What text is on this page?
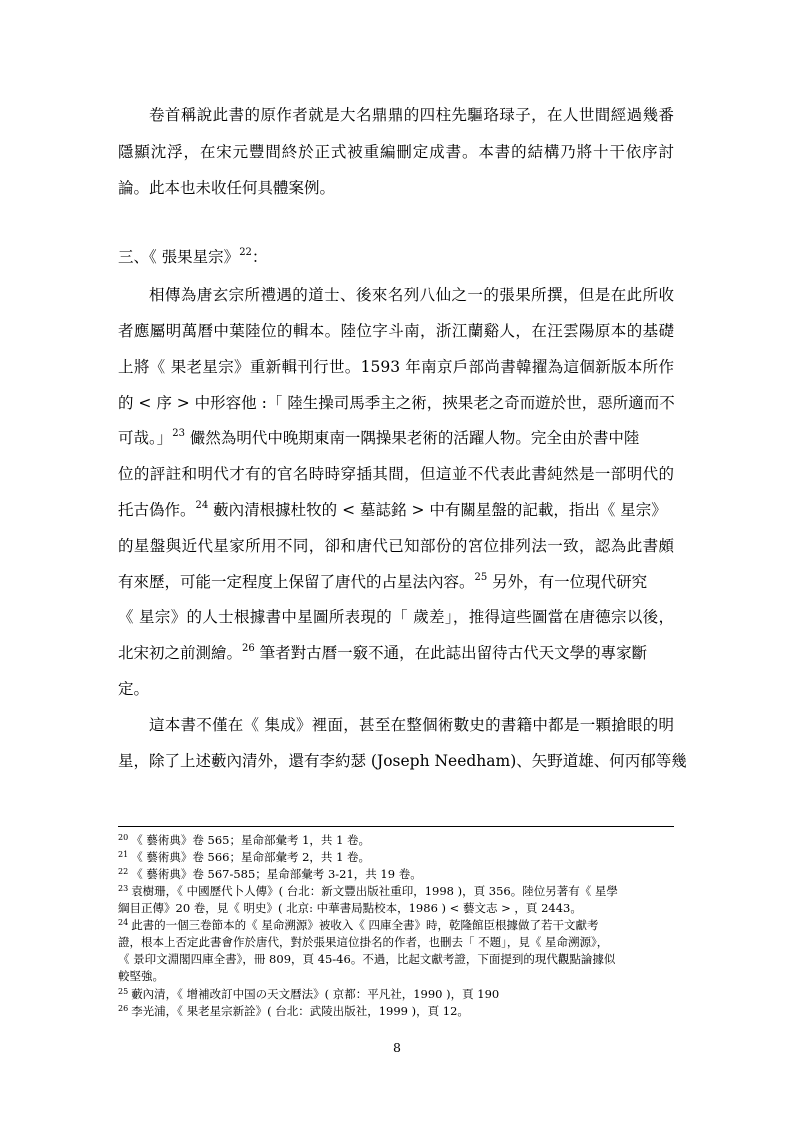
卷首稱說此書的原作者就是大名鼎鼎的四柱先驅珞琭子，在人世間經過幾番
隱顯沈浮，在宋元豐間終於正式被重編刪定成書。本書的結構乃將十干依序討
論。此本也未收任何具體案例。
三、《 張果星宗》$^{22}$：
相傳為唐玄宗所禮遇的道士、後來名列八仙之一的張果所撰，但是在此所收
者應屬明萬曆中葉陸位的輯本。陸位字斗南，浙江蘭谿人，在汪雲陽原本的基礎
上將《 果老星宗》重新輯刊行世。1593 年南京戶部尚書韓擢為這個新版本所作
的 < 序 > 中形容他 :「 陸生操司馬季主之術，挾果老之奇而遊於世，惡所適而不
可哉。」$^{23}$ 儼然為明代中晚期東南一隅操果老術的活躍人物。完全由於書中陸
位的評註和明代才有的官名時時穿插其間，但這並不代表此書純然是一部明代的
托古偽作。$^{24}$ 藪內清根據杜牧的 < 墓誌銘 > 中有關星盤的記載，指出《 星宗》
的星盤與近代星家所用不同，卻和唐代已知部份的宮位排列法一致，認為此書頗
有來歷，可能一定程度上保留了唐代的占星法內容。$^{25}$ 另外，有一位現代研究
《 星宗》的人士根據書中星圖所表現的「 歲差」，推得這些圖當在唐德宗以後，
北宋初之前測繪。$^{26}$ 筆者對古曆一竅不通，在此誌出留待古代天文學的專家斷
定。
這本書不僅在《 集成》裡面，甚至在整個術數史的書籍中都是一顆搶眼的明
星，除了上述藪內清外，還有李約瑟 (Joseph Needham)、矢野道雄、何丙郁等幾
$^{20}$ 《 藝術典》卷 565；星命部彙考 1，共 1 卷。
$^{21}$ 《 藝術典》卷 566；星命部彙考 2，共 1 卷。
$^{22}$ 《 藝術典》卷 567-585；星命部彙考 3-21，共 19 卷。
$^{23}$ 袁樹珊，《 中國歷代卜人傳》( 台北：新文豐出版社重印，1998 )，頁 356。陸位另著有《 星學
綱目正傳》20 卷，見《 明史》( 北京: 中華書局點校本，1986 ) < 藝文志 > ，頁 2443。
$^{24}$ 此書的一個三卷節本的《 星命溯源》被收入《 四庫全書》時，乾隆館臣根據做了若干文獻考
證，根本上否定此書會作於唐代，對於張果這位掛名的作者，也刪去「 不題」，見《 星命溯源》，
《 景印文淵閣四庫全書》，冊 809，頁 45-46。不過，比起文獻考證，下面提到的現代觀點論據似
較堅強。
$^{25}$ 藪內清，《 增補改訂中国の天文暦法》( 京都：平凡社，1990 )，頁 190
$^{26}$ 李光浦，《 果老星宗新詮》( 台北：武陵出版社，1999 )，頁 12。
8
